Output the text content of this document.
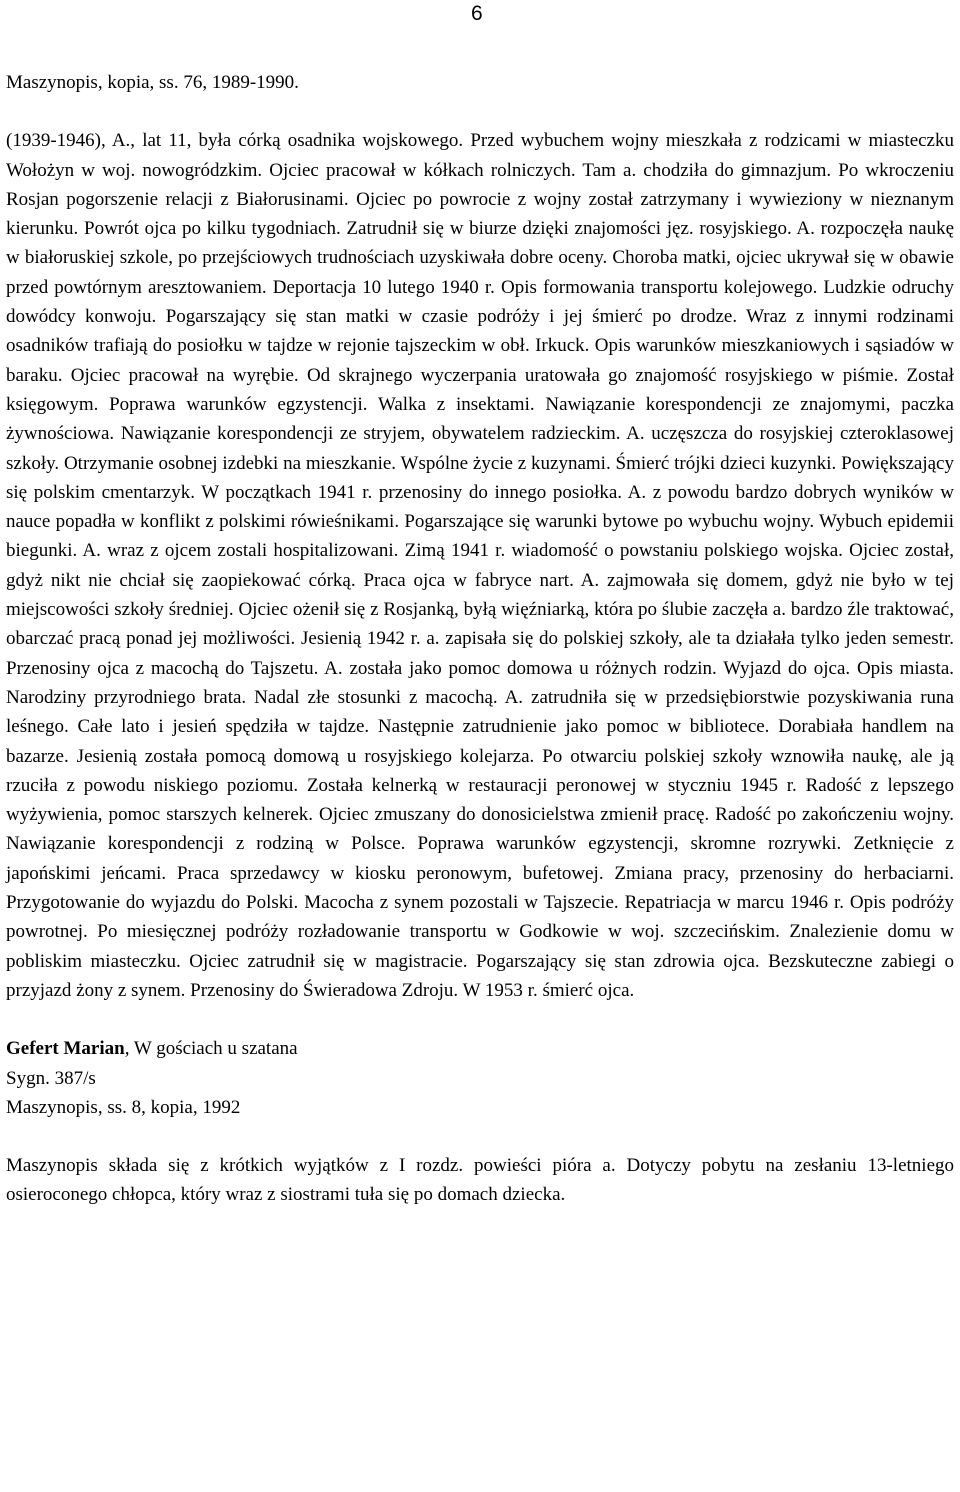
6

Maszynopis, kopia, ss. 76, 1989-1990.

(1939-1946), A., lat 11, była córką osadnika wojskowego. Przed wybuchem wojny mieszkała z rodzicami w miasteczku Wołożyn w woj. nowogródzkim. Ojciec pracował w kółkach rolniczych. Tam a. chodziła do gimnazjum. Po wkroczeniu Rosjan pogorszenie relacji z Białorusinami. Ojciec po powrocie z wojny został zatrzymany i wywieziony w nieznanym kierunku. Powrót ojca po kilku tygodniach. Zatrudnił się w biurze dzięki znajomości jęz. rosyjskiego. A. rozpoczęła naukę w białoruskiej szkole, po przejściowych trudnościach uzyskiwała dobre oceny. Choroba matki, ojciec ukrywał się w obawie przed powtórnym aresztowaniem. Deportacja 10 lutego 1940 r. Opis formowania transportu kolejowego. Ludzkie odruchy dowódcy konwoju. Pogarszający się stan matki w czasie podróży i jej śmierć po drodze. Wraz z innymi rodzinami osadników trafiają do posiołku w tajdze w rejonie tajszeckim w obł. Irkuck. Opis warunków mieszkaniowych i sąsiadów w baraku. Ojciec pracował na wyrębie. Od skrajnego wyczerpania uratowała go znajomość rosyjskiego w piśmie. Został księgowym. Poprawa warunków egzystencji. Walka z insektami. Nawiązanie korespondencji ze znajomymi, paczka żywnościowa. Nawiązanie korespondencji ze stryjem, obywatelem radzieckim. A. uczęszcza do rosyjskiej czteroklasowej szkoły. Otrzymanie osobnej izdebki na mieszkanie. Wspólne życie z kuzynami. Śmierć trójki dzieci kuzynki. Powiększający się polskim cmentarzyk. W początkach 1941 r. przenosiny do innego posiołka. A. z powodu bardzo dobrych wyników w nauce popadła w konflikt z polskimi rówieśnikami. Pogarszające się warunki bytowe po wybuchu wojny. Wybuch epidemii biegunki. A. wraz z ojcem zostali hospitalizowani. Zimą 1941 r. wiadomość o powstaniu polskiego wojska. Ojciec został, gdyż nikt nie chciał się zaopiekować córką. Praca ojca w fabryce nart. A. zajmowała się domem, gdyż nie było w tej miejscowości szkoły średniej. Ojciec ożenił się z Rosjanką, byłą więźniarką, która po ślubie zaczęła a. bardzo źle traktować, obarczać pracą ponad jej możliwości. Jesienią 1942 r. a. zapisała się do polskiej szkoły, ale ta działała tylko jeden semestr. Przenosiny ojca z macochą do Tajszetu. A. została jako pomoc domowa u różnych rodzin. Wyjazd do ojca. Opis miasta. Narodziny przyrodniego brata. Nadal złe stosunki z macochą. A. zatrudniła się w przedsiębiorstwie pozyskiwania runa leśnego. Całe lato i jesień spędziła w tajdze. Następnie zatrudnienie jako pomoc w bibliotece. Dorabiała handlem na bazarze. Jesienią została pomocą domową u rosyjskiego kolejarza. Po otwarciu polskiej szkoły wznowiła naukę, ale ją rzuciła z powodu niskiego poziomu. Została kelnerką w restauracji peronowej w styczniu 1945 r. Radość z lepszego wyżywienia, pomoc starszych kelnerek. Ojciec zmuszany do donosicielstwa zmienił pracę. Radość po zakończeniu wojny. Nawiązanie korespondencji z rodziną w Polsce. Poprawa warunków egzystencji, skromne rozrywki. Zetknięcie z japońskimi jeńcami. Praca sprzedawcy w kiosku peronowym, bufetowej. Zmiana pracy, przenosiny do herbaciarni. Przygotowanie do wyjazdu do Polski. Macocha z synem pozostali w Tajszecie. Repatriacja w marcu 1946 r. Opis podróży powrotnej. Po miesięcznej podróży rozładowanie transportu w Godkowie w woj. szczecińskim. Znalezienie domu w pobliskim miasteczku. Ojciec zatrudnił się w magistracie. Pogarszający się stan zdrowia ojca. Bezskuteczne zabiegi o przyjazd żony z synem. Przenosiny do Świeradowa Zdroju. W 1953 r. śmierć ojca.

Gefert Marian, W gościach u szatana

Sygn. 387/s

Maszynopis, ss. 8, kopia, 1992

Maszynopis składa się z krótkich wyjątków z I rozdz. powieści pióra a. Dotyczy pobytu na zesłaniu 13-letniego osieroconego chłopca, który wraz z siostrami tuła się po domach dziecka.
